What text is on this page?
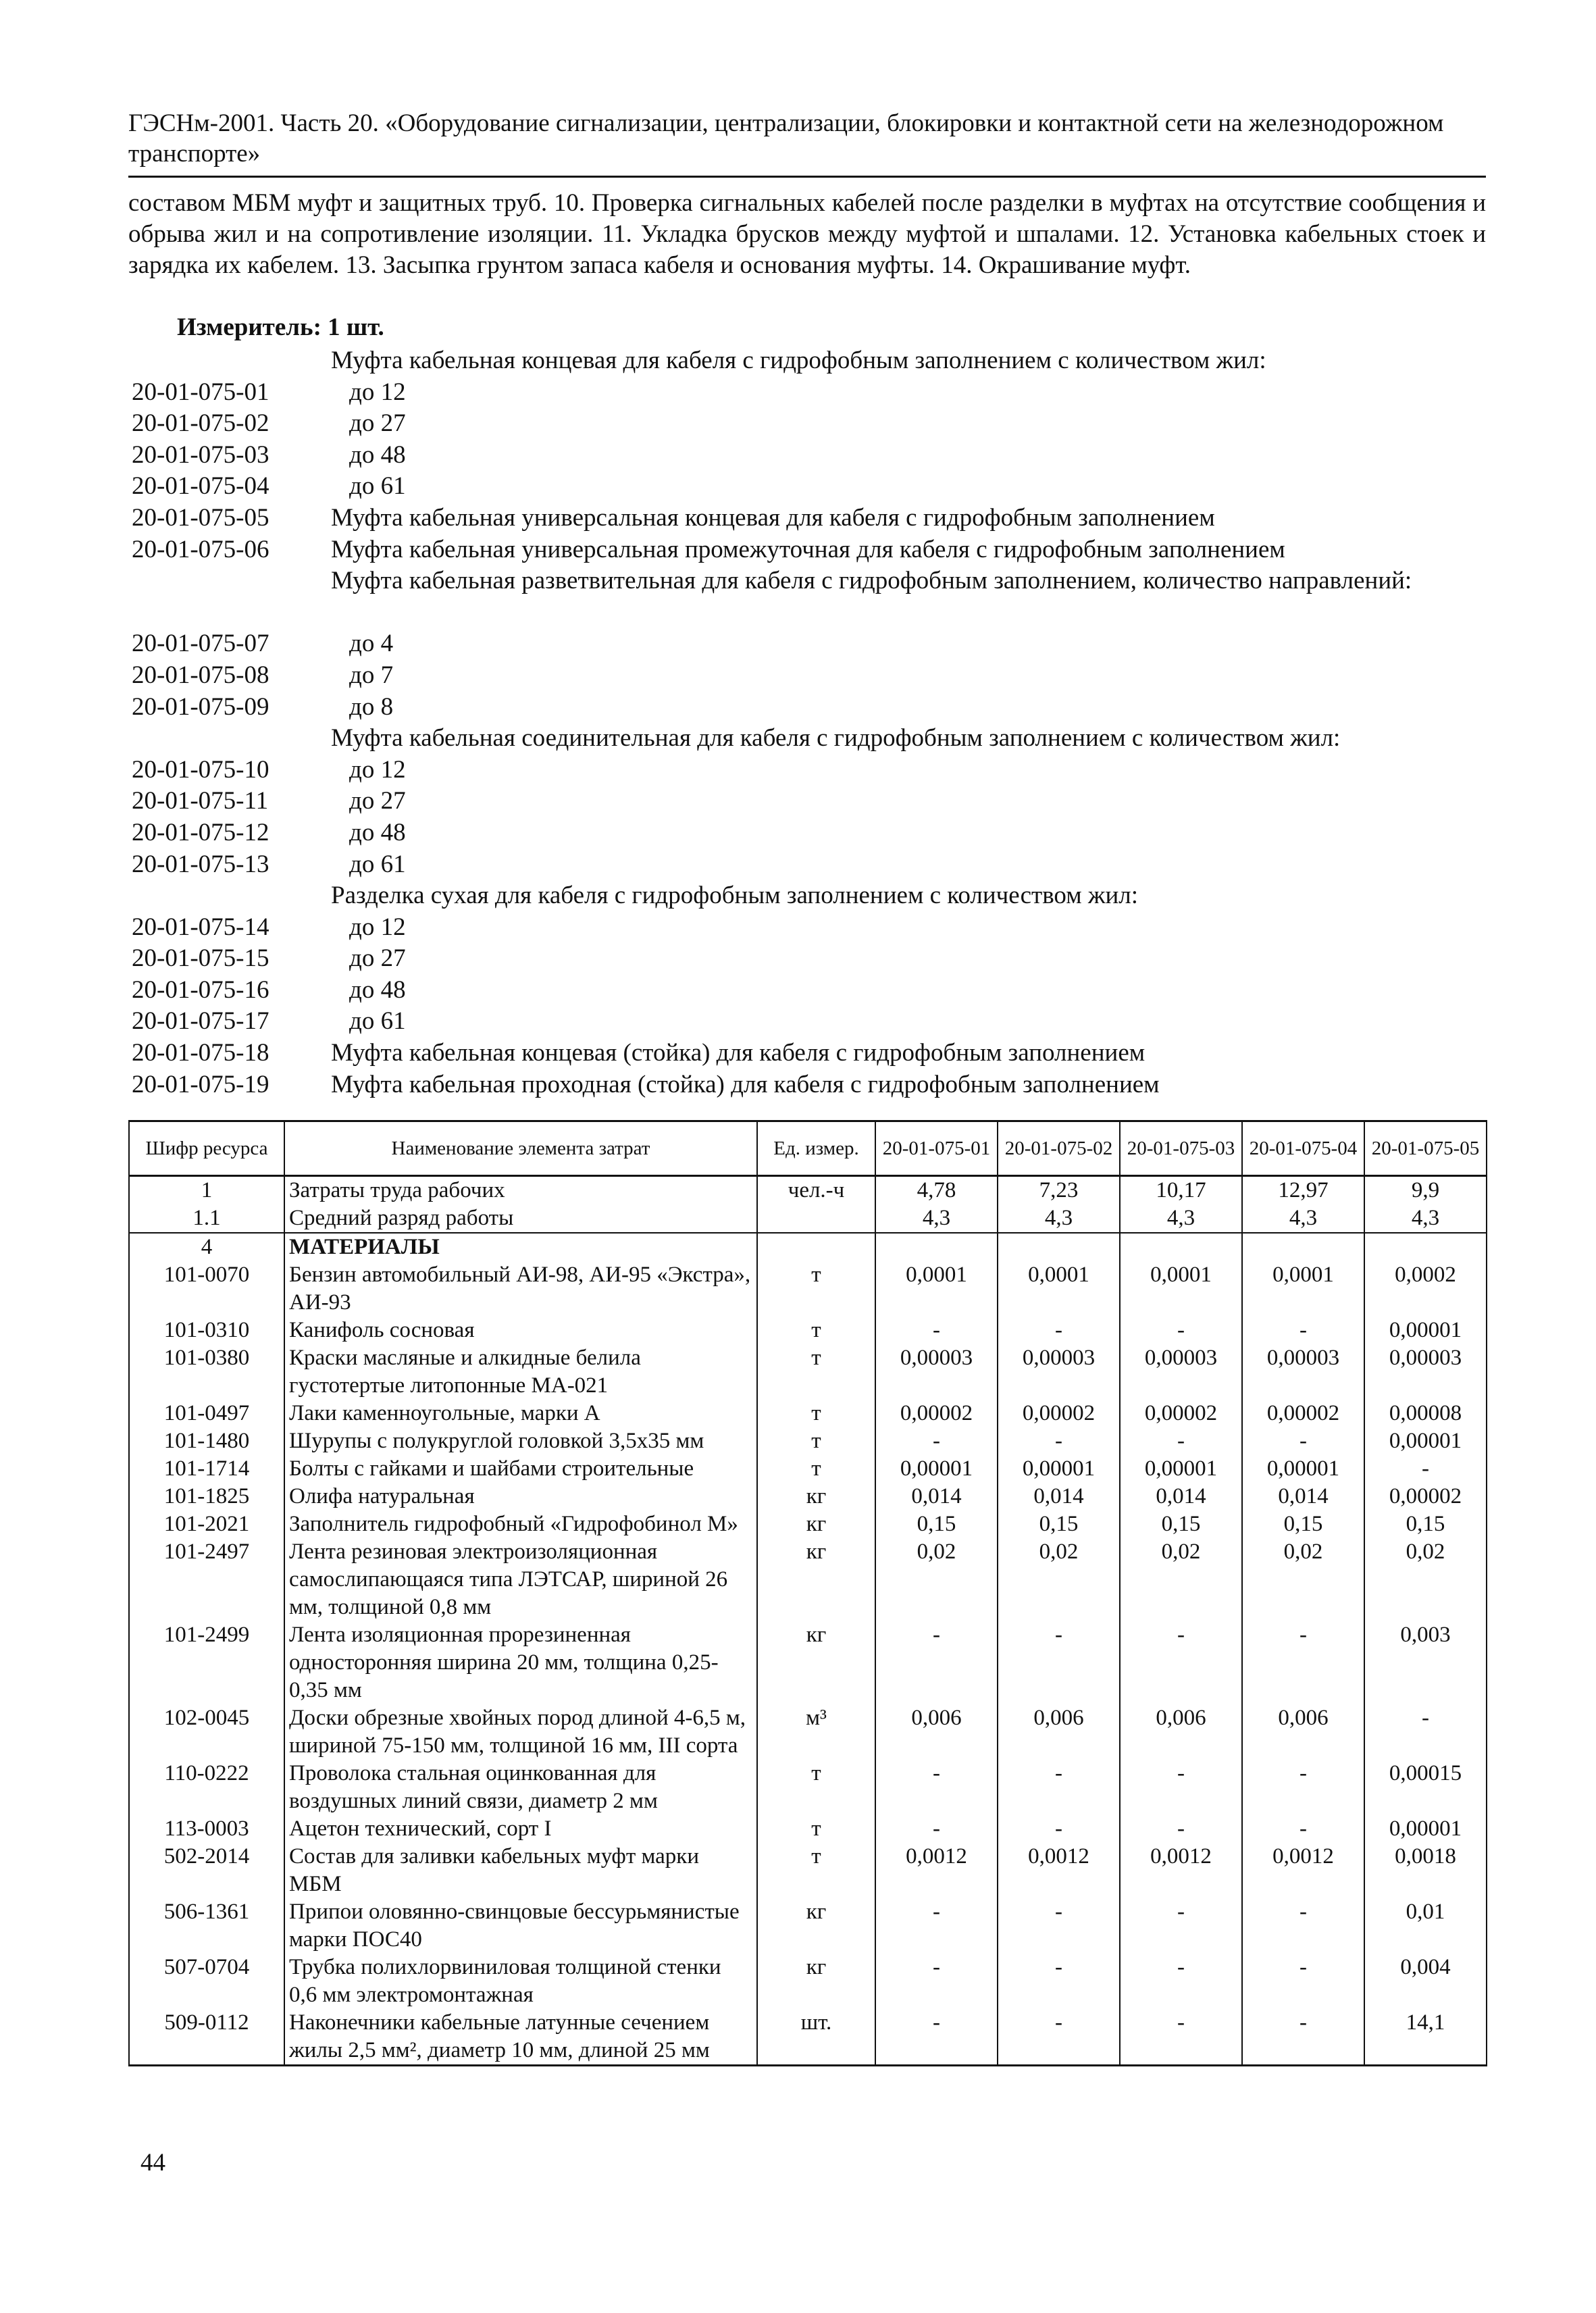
ГЭСНм-2001. Часть 20. «Оборудование сигнализации, централизации, блокировки и контактной сети на железнодорожном транспорте»
составом МБМ муфт и защитных труб. 10. Проверка сигнальных кабелей после разделки в муфтах на отсутствие сообщения и обрыва жил и на сопротивление изоляции. 11. Укладка брусков между муфтой и шпалами. 12. Установка кабельных стоек и зарядка их кабелем. 13. Засыпка грунтом запаса кабеля и основания муфты. 14. Окрашивание муфт.
Измеритель: 1 шт.
Муфта кабельная концевая для кабеля с гидрофобным заполнением с количеством жил:
20-01-075-01	до 12
20-01-075-02	до 27
20-01-075-03	до 48
20-01-075-04	до 61
20-01-075-05 Муфта кабельная универсальная концевая для кабеля с гидрофобным заполнением
20-01-075-06 Муфта кабельная универсальная промежуточная для кабеля с гидрофобным заполнением
Муфта кабельная разветвительная для кабеля с гидрофобным заполнением, количество направлений:
20-01-075-07	до 4
20-01-075-08	до 7
20-01-075-09	до 8
Муфта кабельная соединительная для кабеля с гидрофобным заполнением с количеством жил:
20-01-075-10	до 12
20-01-075-11	до 27
20-01-075-12	до 48
20-01-075-13	до 61
Разделка сухая для кабеля с гидрофобным заполнением с количеством жил:
20-01-075-14	до 12
20-01-075-15	до 27
20-01-075-16	до 48
20-01-075-17	до 61
20-01-075-18 Муфта кабельная концевая (стойка) для кабеля с гидрофобным заполнением
20-01-075-19 Муфта кабельная проходная (стойка) для кабеля с гидрофобным заполнением
Шифр ресурса	Наименование элемента затрат	Ед. измер.	20-01-075-01	20-01-075-02	20-01-075-03	20-01-075-04	20-01-075-05
1	Затраты труда рабочих	чел.-ч	4,78	7,23	10,17	12,97	9,9
1.1	Средний разряд работы		4,3	4,3	4,3	4,3	4,3
4	МАТЕРИАЛЫ						
101-0070	Бензин автомобильный АИ-98, АИ-95 «Экстра», АИ-93	т	0,0001	0,0001	0,0001	0,0001	0,0002
101-0310	Канифоль сосновая	т	-	-	-	-	0,00001
101-0380	Краски масляные и алкидные белила густотертые литопонные МА-021	т	0,00003	0,00003	0,00003	0,00003	0,00003
101-0497	Лаки каменноугольные, марки А	т	0,00002	0,00002	0,00002	0,00002	0,00008
101-1480	Шурупы с полукруглой головкой 3,5х35 мм	т	-	-	-	-	0,00001
101-1714	Болты с гайками и шайбами строительные	т	0,00001	0,00001	0,00001	0,00001	-
101-1825	Олифа натуральная	кг	0,014	0,014	0,014	0,014	0,00002
101-2021	Заполнитель гидрофобный «Гидрофобинол М»	кг	0,15	0,15	0,15	0,15	0,15
101-2497	Лента резиновая электроизоляционная самослипающаяся типа ЛЭТСАР, шириной 26 мм, толщиной 0,8 мм	кг	0,02	0,02	0,02	0,02	0,02
101-2499	Лента изоляционная прорезиненная односторонняя ширина 20 мм, толщина 0,25-0,35 мм	кг	-	-	-	-	0,003
102-0045	Доски обрезные хвойных пород длиной 4-6,5 м, шириной 75-150 мм, толщиной 16 мм, III сорта	м³	0,006	0,006	0,006	0,006	-
110-0222	Проволока стальная оцинкованная для воздушных линий связи, диаметр 2 мм	т	-	-	-	-	0,00015
113-0003	Ацетон технический, сорт I	т	-	-	-	-	0,00001
502-2014	Состав для заливки кабельных муфт марки МБМ	т	0,0012	0,0012	0,0012	0,0012	0,0018
506-1361	Припои оловянно-свинцовые бессурьмянистые марки ПОС40	кг	-	-	-	-	0,01
507-0704	Трубка полихлорвиниловая толщиной стенки 0,6 мм электромонтажная	кг	-	-	-	-	0,004
509-0112	Наконечники кабельные латунные сечением жилы 2,5 мм², диаметр 10 мм, длиной 25 мм	шт.	-	-	-	-	14,1
44
